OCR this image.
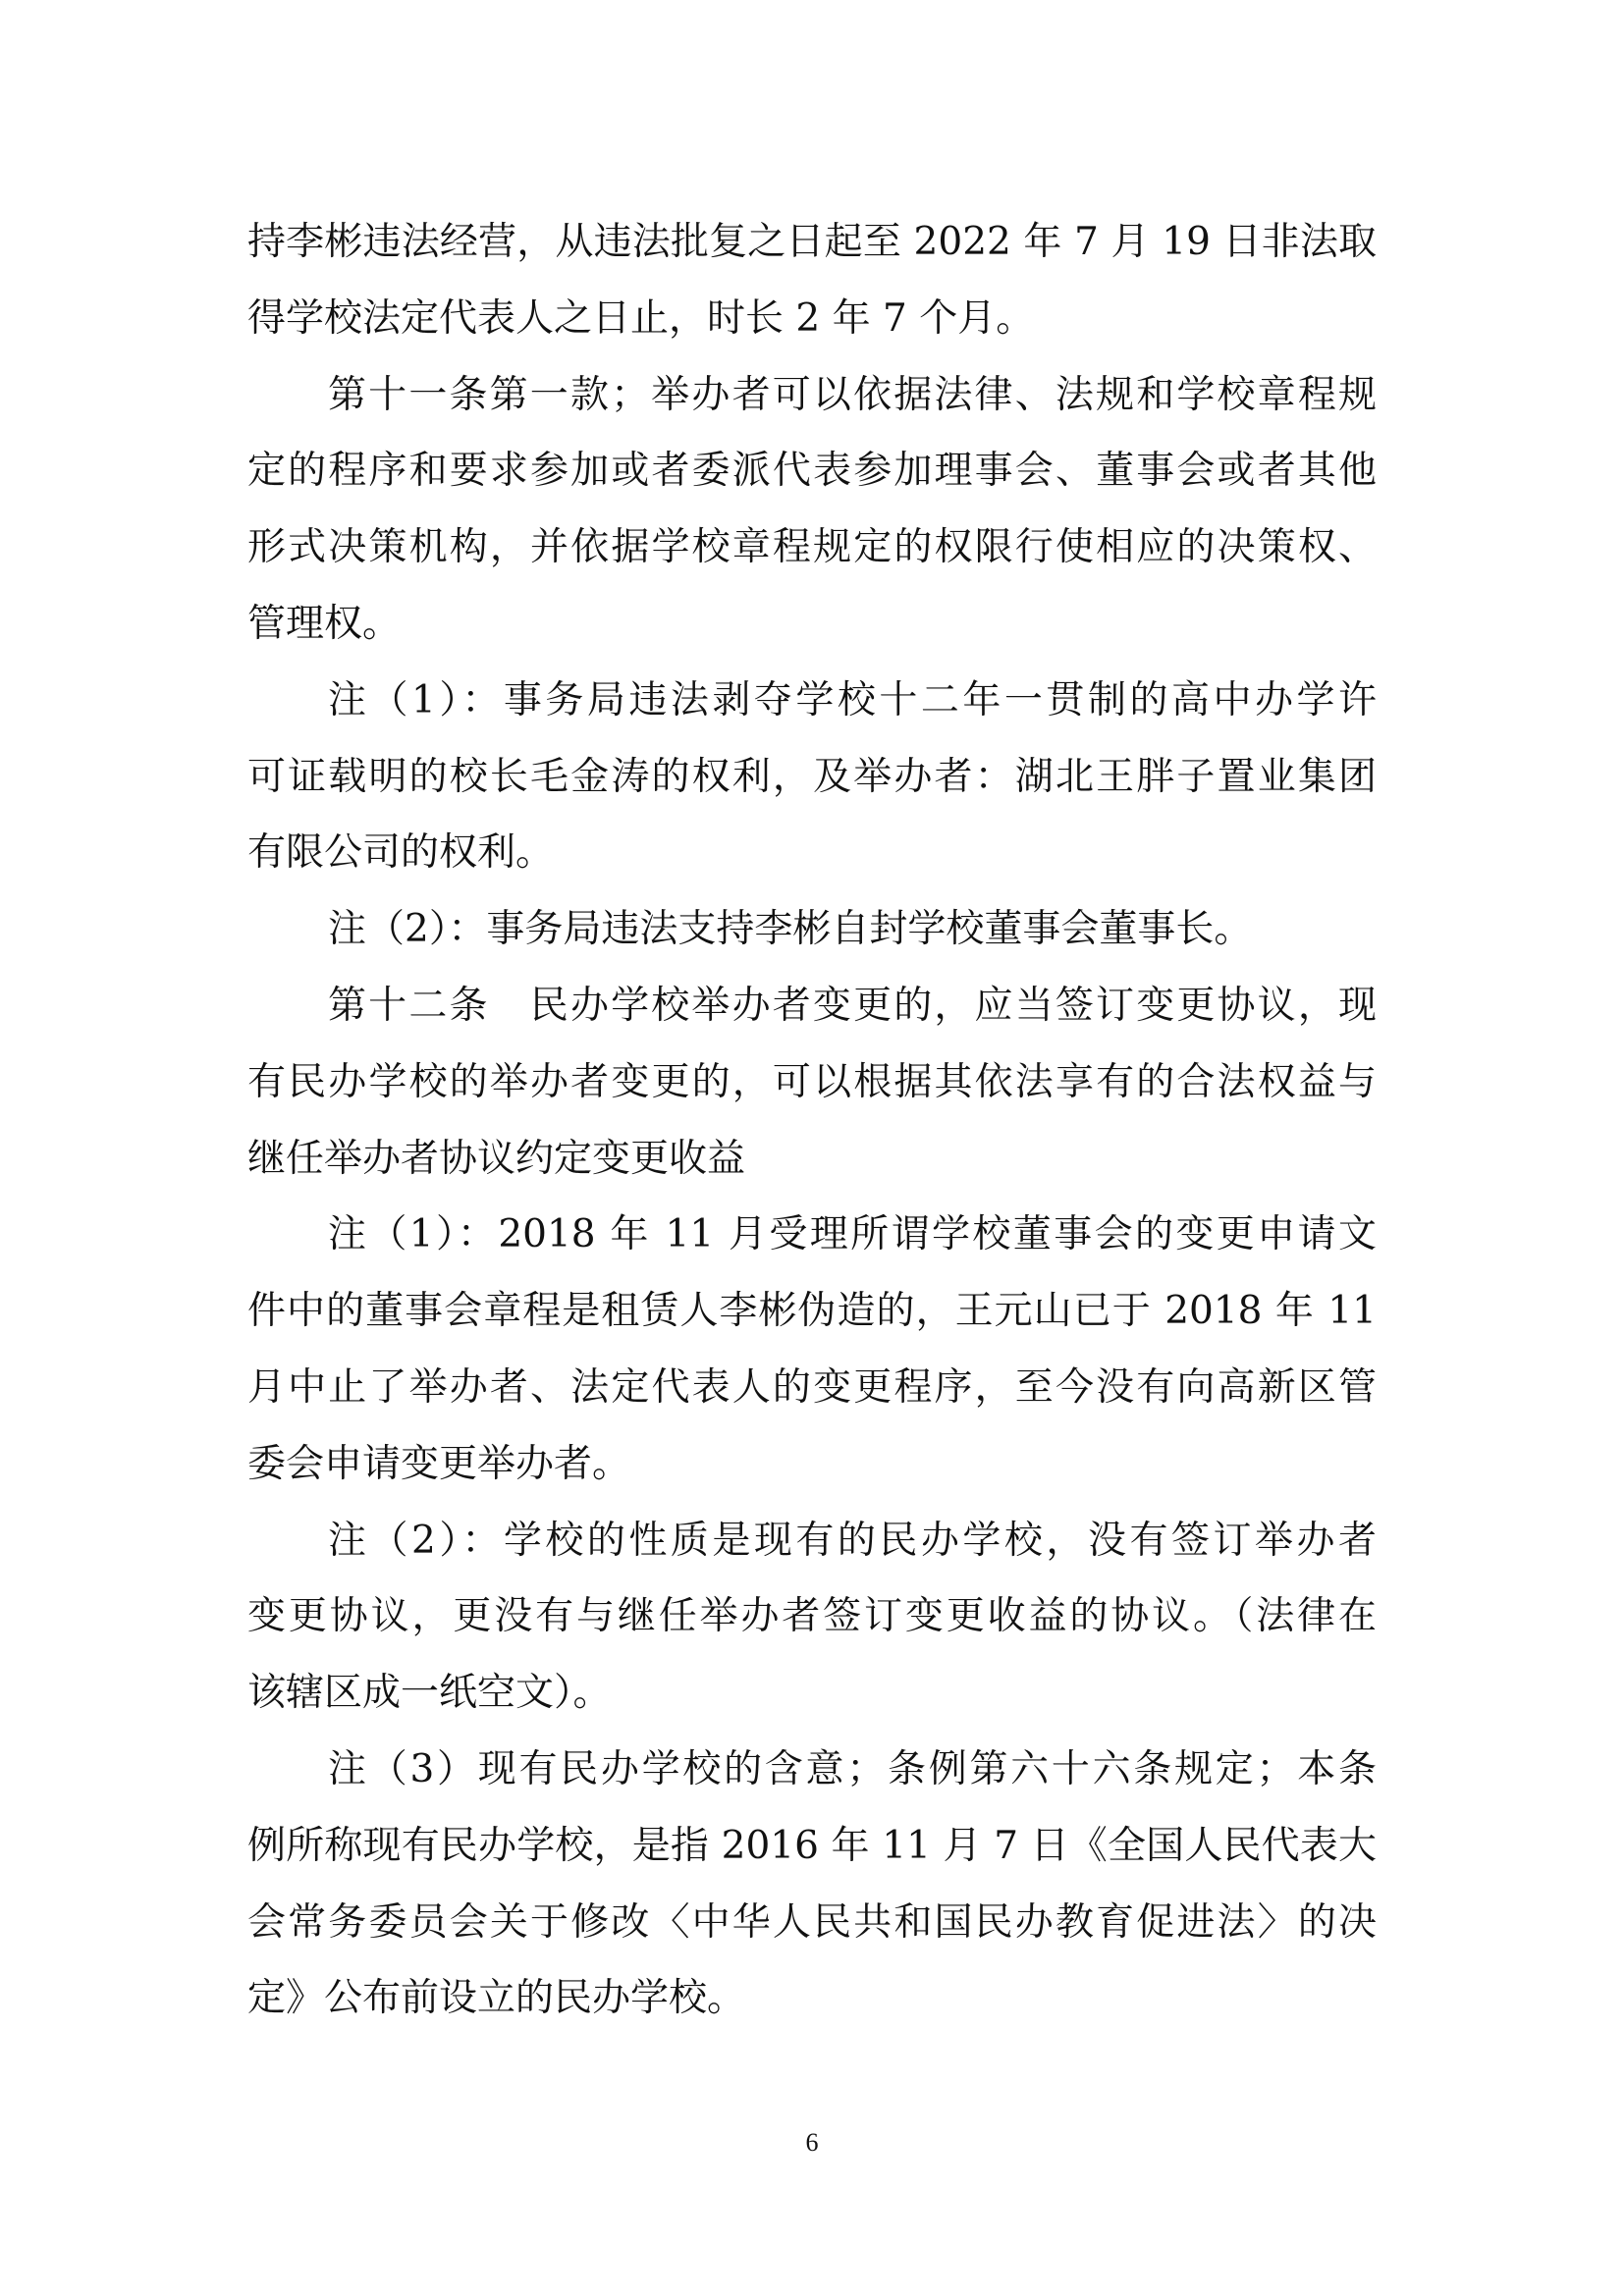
持李彬违法经营，从违法批复之日起至 2022 年 7 月 19 日非法取
得学校法定代表人之日止，时长 2 年 7 个月。
第十一条第一款；举办者可以依据法律、法规和学校章程规
定的程序和要求参加或者委派代表参加理事会、董事会或者其他
形式决策机构，并依据学校章程规定的权限行使相应的决策权、
管理权。
注（1）：事务局违法剥夺学校十二年一贯制的高中办学许
可证载明的校长毛金涛的权利，及举办者：湖北王胖子置业集团
有限公司的权利。
注（2）：事务局违法支持李彬自封学校董事会董事长。
第十二条　民办学校举办者变更的，应当签订变更协议，现
有民办学校的举办者变更的，可以根据其依法享有的合法权益与
继任举办者协议约定变更收益
注（1）：2018 年 11 月受理所谓学校董事会的变更申请文
件中的董事会章程是租赁人李彬伪造的，王元山已于 2018 年 11
月中止了举办者、法定代表人的变更程序，至今没有向高新区管
委会申请变更举办者。
注（2）：学校的性质是现有的民办学校，没有签订举办者
变更协议，更没有与继任举办者签订变更收益的协议。（法律在
该辖区成一纸空文）。
注（3）现有民办学校的含意；条例第六十六条规定；本条
例所称现有民办学校，是指 2016 年 11 月 7 日《全国人民代表大
会常务委员会关于修改〈中华人民共和国民办教育促进法〉的决
定》公布前设立的民办学校。
6
